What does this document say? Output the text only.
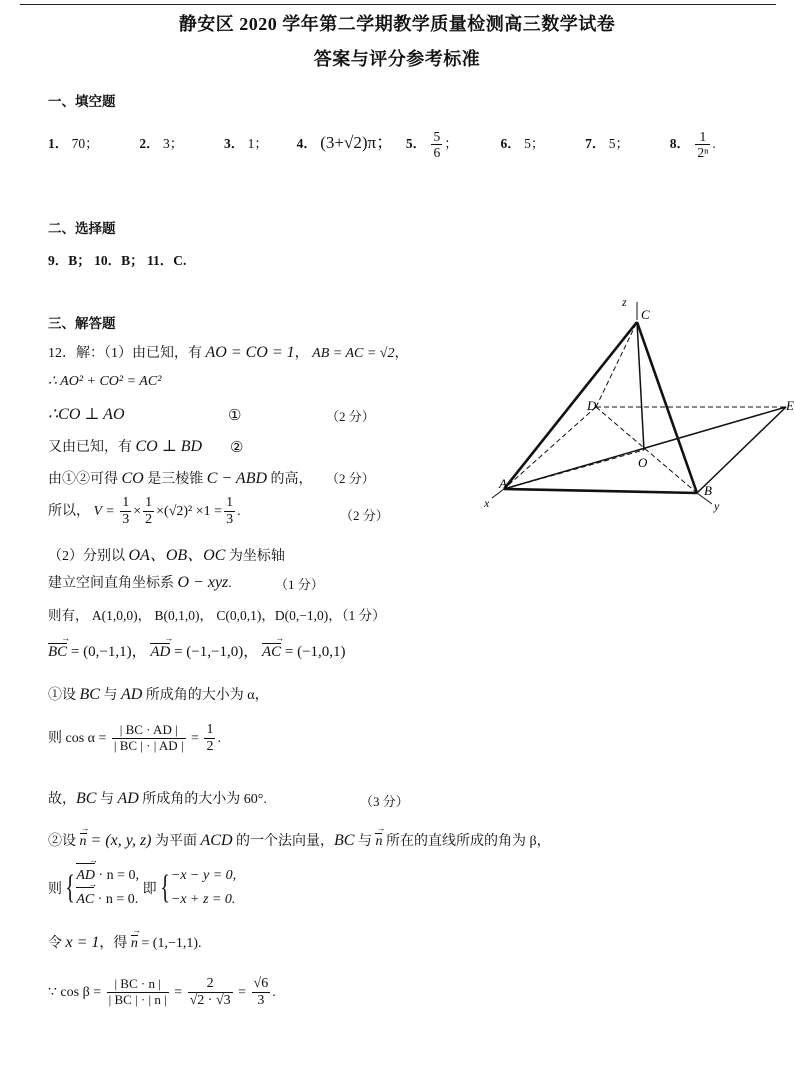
静安区 2020 学年第二学期教学质量检测高三数学试卷
答案与评分参考标准
一、填空题
1． 70；	2． 3；	3． 1； 4． (3+√2)π； 5． $\frac{5}{6}$ ；	6． 5；	7． 5；	8． $\frac{1}{\text{2ⁿ}}$ .
二、选择题
9．B； 10．B； 11．C.
三、解答题
12．解：（1）由已知，有 AO = CO = 1， AB = AC = √2，
∴ AO² + CO² = AC²
∴CO ⊥ AO	①	（2 分）
又由已知，有 CO ⊥ BD ②
由①②可得 CO 是三棱锥 C − ABD 的高， （2 分）
所以， $V = \frac{1}{3} \times \frac{1}{2} \times(√2)^2 \times 1 = \frac{1}{3}$ .	（2 分）
（2）分别以 OA、OB、OC 为坐标轴
建立空间直角坐标系 O − xyz.	（1 分）
则有， A(1,0,0)， B(0,1,0)， C(0,0,1)，D(0,−1,0)，（1 分）
→ BC = (0,−1,1)， → AD = (−1,−1,0)， → AC = (−1,0,1)
①设 BC 与 AD 所成角的大小为 α，
则 $\cos \alpha = \frac{| BC \cdot AD |}{| BC | \cdot | AD |} = \frac{1}{2}$ .
故，BC 与 AD 所成角的大小为 60°.	（3 分）
②设 → n = (x, y, z) 为平面 ACD 的一个法向量，BC 与 → n 所在的直线所成的角为 β，
则{→ AD · n = 0,
→ AC · n = 0. 即{−x − y = 0,
−x + z = 0.
令 x = 1，得 → n = (1,−1,1).
∵ $\cos \beta = \frac{| BC \cdot n |}{| BC | \cdot | n |} = \frac{2}{√2 \cdot √3} = \frac{√6}{3}$ .
z
C
D	E
O
A
x
B
y
